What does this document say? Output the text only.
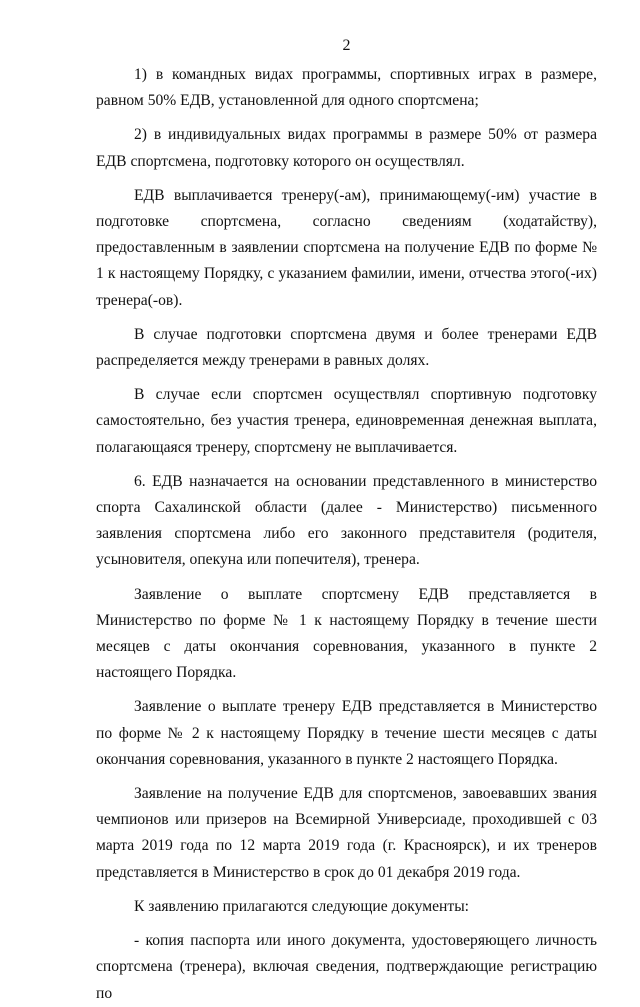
2

1) в командных видах программы, спортивных играх в размере, равном 50% ЕДВ, установленной для одного спортсмена;

2) в индивидуальных видах программы в размере 50% от размера ЕДВ спортсмена, подготовку которого он осуществлял.

ЕДВ выплачивается тренеру(-ам), принимающему(-им) участие в подготовке спортсмена, согласно сведениям (ходатайству), предоставленным в заявлении спортсмена на получение ЕДВ по форме № 1 к настоящему Порядку, с указанием фамилии, имени, отчества этого(-их) тренера(-ов).

В случае подготовки спортсмена двумя и более тренерами ЕДВ распределяется между тренерами в равных долях.

В случае если спортсмен осуществлял спортивную подготовку самостоятельно, без участия тренера, единовременная денежная выплата, полагающаяся тренеру, спортсмену не выплачивается.

6. ЕДВ назначается на основании представленного в министерство спорта Сахалинской области (далее - Министерство) письменного заявления спортсмена либо его законного представителя (родителя, усыновителя, опекуна или попечителя), тренера.

Заявление о выплате спортсмену ЕДВ представляется в Министерство по форме № 1 к настоящему Порядку в течение шести месяцев с даты окончания соревнования, указанного в пункте 2 настоящего Порядка.

Заявление о выплате тренеру ЕДВ представляется в Министерство по форме № 2 к настоящему Порядку в течение шести месяцев с даты окончания соревнования, указанного в пункте 2 настоящего Порядка.

Заявление на получение ЕДВ для спортсменов, завоевавших звания чемпионов или призеров на Всемирной Универсиаде, проходившей с 03 марта 2019 года по 12 марта 2019 года (г. Красноярск), и их тренеров представляется в Министерство в срок до 01 декабря 2019 года.

К заявлению прилагаются следующие документы:

- копия паспорта или иного документа, удостоверяющего личность спортсмена (тренера), включая сведения, подтверждающие регистрацию по
